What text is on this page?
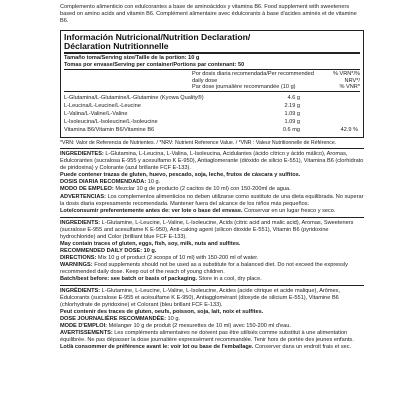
Complemento alimenticio con edulcorantes a base de aminoácidos y vitamina B6. Food supplement with sweeteners based on amino acids and vitamin B6. Complément alimentaire avec édulcorants à base d'acides aminés et de vitamine B6.
Información Nutricional/Nutrition Declaration/
Déclaration Nutritionnelle
Tamaño toma/Serving size/Taille de la portion: 10 g
Tomas por envase/Serving per container/Portions par contenant: 50
Por dosis diaria recomendada/Per recommended daily dose
Par dose journalière recommandée (10 g)
% VRN*/% NRV*/
% VNR*
L-Glutamina/L-Glutamine/L-Glutamine (Kyowa Quality®)	4.6 g
L-Leucina/L-Leucine/L-Leucine	2.19 g
L-Valina/L-Valine/L-Valine	1.09 g
L-Isoleucina/L-Isoleucine/L-Isoleucine	1.09 g
Vitamina B6/Vitamin B6/Vitamine B6	0.6 mg	42.9 %
*VRN: Valor de Referencia de Nutrientes. / *NRV: Nutrient Reference Value. / *VNR : Valeur Nutritionnelle de Référence.

INGREDIENTES: L-Glutamina, L-Leucina, L-Valina, L-Isoleucina, Acidulantes (ácido cítrico y ácido málico), Aromas, Edulcorantes (sucralosa E-955 y acesulfamo K E-950), Antiaglomerante (dióxido de silicio E-551), Vitamina B6 (clorhidrato de piridoxina) y Colorante (azul brillante FCF E-133).

Puede contener trazas de gluten, huevo, pescado, soja, leche, frutos de cáscara y sulfitos.

DOSIS DIARIA RECOMENDADA: 10 g.

MODO DE EMPLEO: Mezclar 10 g de producto (2 cacitos de 10 ml) con 150-200ml de agua.

ADVERTENCIAS: Los complementos alimenticios no deben utilizarse como sustituto de una dieta equilibrada. No superar la dosis diaria expresamente recomendada. Mantener fuera del alcance de los niños más pequeños.

Lote/consumir preferentemente antes de: ver lote o base del envase. Conservar en un lugar fresco y seco.

INGREDIENTS: L-Glutamine, L-Leucine, L-Valine, L-Isoleucine, Acids (citric acid and malic acid), Aromas, Sweeteners (sucralose E-955 and acesulfame K E-950), Anti-caking agent (silicon dioxide E-551), Vitamin B6 (pyridoxine hydrochloride) and Color (brilliant blue FCF E-133).

May contain traces of gluten, eggs, fish, soy, milk, nuts and sulfites.

RECOMMENDED DAILY DOSE: 10 g.

DIRECTIONS: Mix 10 g of product (2 scoops of 10 ml) with 150-200 ml of water.

WARNINGS: Food supplements should not be used as a substitute for a balanced diet. Do not exceed the expressly recommended daily dose. Keep out of the reach of young children.

Batch/best before: see batch or basis of packaging. Store in a cool, dry place.

INGRÉDIENTS: L-Glutamine, L-Leucine, L-Valine, L-Isoleucine, Acides (acide citrique et acide malique), Arômes, Édulcorants (sucralose E-955 et acésulfame K E-950), Antiagglomérant (dioxyde de silicium E-551), Vitamine B6 (chlorhydrate de pyridoxine) et Colorant (bleu brillant FCF E-133).

Peut contenir des traces de gluten, oeufs, poisson, soja, lait, noix et sulfites.

DOSE JOURNALIÈRE RECOMMANDÉE: 10 g.

MODE D'EMPLOI: Mélanger 10 g de produit (2 mesurettes de 10 ml) avec 150-200 ml d'eau.

AVERTISSEMENTS: Les compléments alimentaires ne doivent pas être utilisés comme substitut à une alimentation équilibrée. Ne pas dépasser la dose journalière expressément recommandée. Tenir hors de portée des jeunes enfants.

Lot/à consommer de préférence avant le: voir lot ou base de l'emballage. Conserver dans un endroit frais et sec.
